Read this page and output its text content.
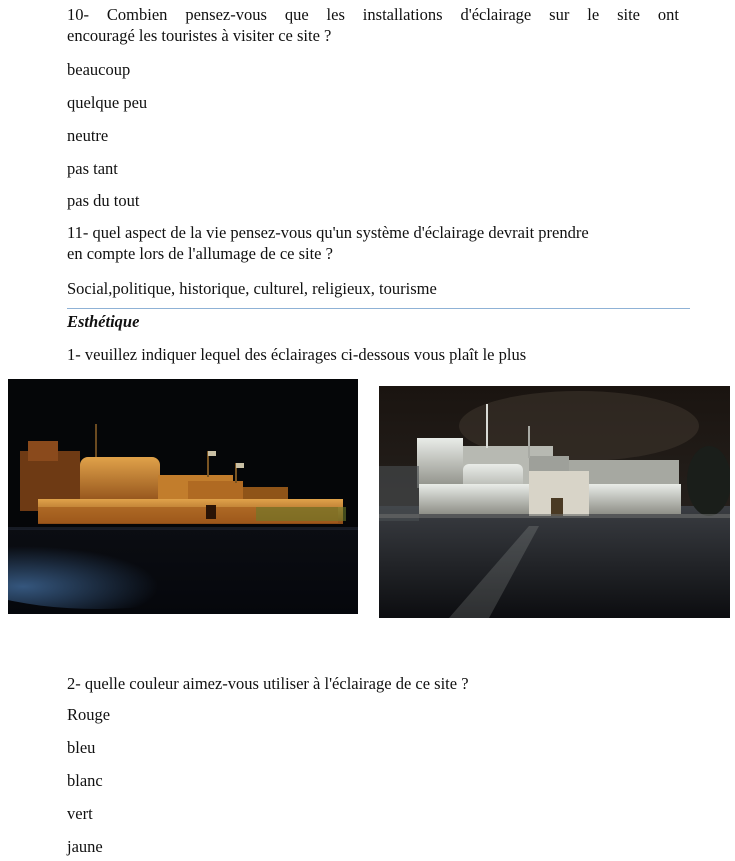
10- Combien pensez-vous que les installations d'éclairage sur le site ont
encouragé les touristes à visiter ce site ?
beaucoup
quelque peu
neutre
pas tant
pas du tout
11- quel aspect de la vie pensez-vous qu'un système d'éclairage devrait prendre
en compte lors de l'allumage de ce site ?
Social,politique, historique, culturel, religieux, tourisme
Esthétique
1- veuillez indiquer lequel des éclairages ci-dessous vous plaît le plus
2- quelle couleur aimez-vous utiliser à l'éclairage de ce site ?
Rouge
bleu
blanc
vert
jaune
